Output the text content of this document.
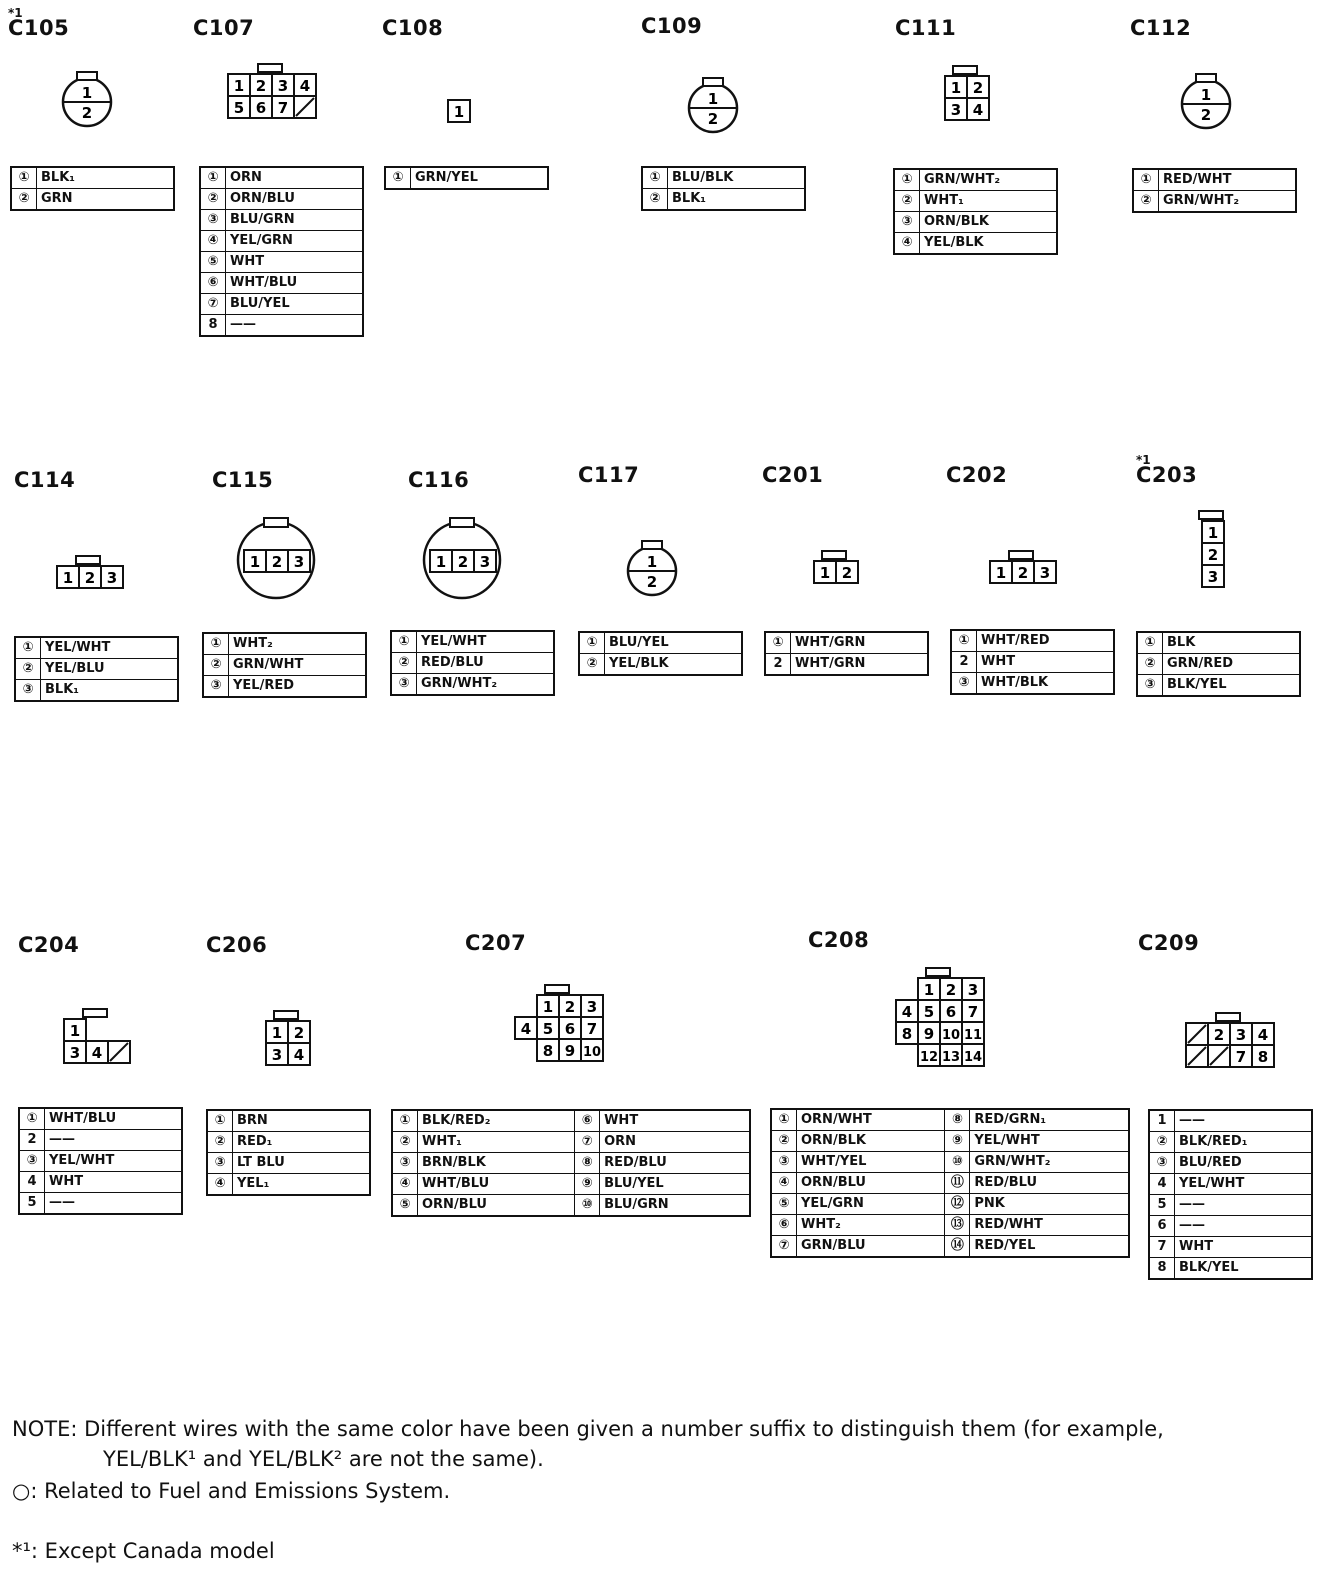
*1
C105
1
2
①	BLK₁
②	GRN
C107
1 2 3 4
5 6 7
①	ORN
②	ORN/BLU
③	BLU/GRN
④	YEL/GRN
⑤	WHT
⑥	WHT/BLU
⑦	BLU/YEL
8	——
C108
1
①	GRN/YEL
C109
1
2
①	BLU/BLK
②	BLK₁
C111
1 2
3 4
①	GRN/WHT₂
②	WHT₁
③	ORN/BLK
④	YEL/BLK
C112
1
2
①	RED/WHT
②	GRN/WHT₂
C114
1 2 3
①	YEL/WHT
②	YEL/BLU
③	BLK₁
C115
1 2 3
①	WHT₂
②	GRN/WHT
③	YEL/RED
C116
1 2 3
①	YEL/WHT
②	RED/BLU
③	GRN/WHT₂
C117
1
2
①	BLU/YEL
②	YEL/BLK
C201
1 2
①	WHT/GRN
2	WHT/GRN
C202
1 2 3
①	WHT/RED
2	WHT
③	WHT/BLK
*1
C203
1
2
3
①	BLK
②	GRN/RED
③	BLK/YEL
C204
1
3 4
①	WHT/BLU
2	——
③	YEL/WHT
4	WHT
5	——
C206
1 2
3 4
①	BRN
②	RED₁
③	LT BLU
④	YEL₁
C207
1 2 3
4 5 6 7
8 9 10
①	BLK/RED₂	⑥	WHT
②	WHT₁	⑦	ORN
③	BRN/BLK	⑧	RED/BLU
④	WHT/BLU	⑨	BLU/YEL
⑤	ORN/BLU	⑩	BLU/GRN
C208
1 2 3
4 5 6 7
8 9 10 11
12 13 14
①	ORN/WHT	⑧	RED/GRN₁
②	ORN/BLK	⑨	YEL/WHT
③	WHT/YEL	⑩	GRN/WHT₂
④	ORN/BLU	⑪	RED/BLU
⑤	YEL/GRN	⑫	PNK
⑥	WHT₂	⑬	RED/WHT
⑦	GRN/BLU	⑭	RED/YEL
C209
2 3 4
7 8
1	——
②	BLK/RED₁
③	BLU/RED
4	YEL/WHT
5	——
6	——
7	WHT
8	BLK/YEL
NOTE: Different wires with the same color have been given a number suffix to distinguish them (for example,
YEL/BLK¹ and YEL/BLK² are not the same).
○: Related to Fuel and Emissions System.
*¹: Except Canada model
